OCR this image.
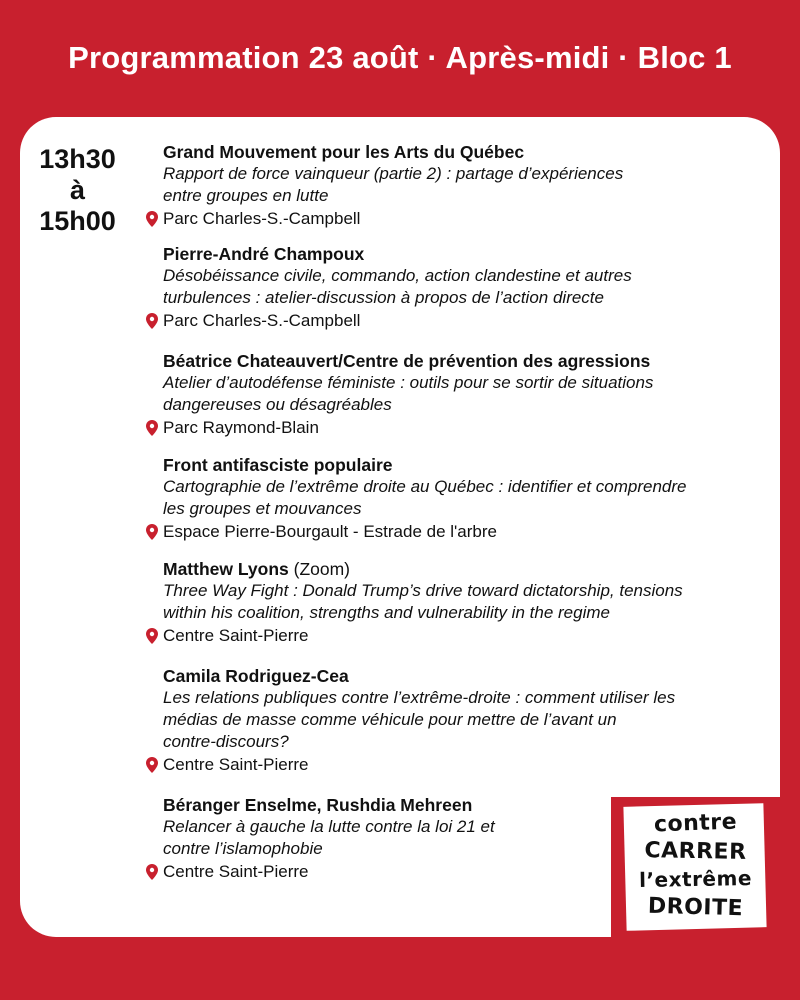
Programmation 23 août · Après-midi · Bloc 1
13h30
à
15h00
Grand Mouvement pour les Arts du Québec
Rapport de force vainqueur (partie 2) : partage d’expériences
entre groupes en lutte
Parc Charles-S.-Campbell
Pierre-André Champoux
Désobéissance civile, commando, action clandestine et autres
turbulences : atelier-discussion à propos de l’action directe
Parc Charles-S.-Campbell
Béatrice Chateauvert/Centre de prévention des agressions
Atelier d’autodéfense féministe : outils pour se sortir de situations
dangereuses ou désagréables
Parc Raymond-Blain
Front antifasciste populaire
Cartographie de l’extrême droite au Québec : identifier et comprendre
les groupes et mouvances
Espace Pierre-Bourgault - Estrade de l'arbre
Matthew Lyons (Zoom)
Three Way Fight : Donald Trump’s drive toward dictatorship, tensions
within his coalition, strengths and vulnerability in the regime
Centre Saint-Pierre
Camila Rodriguez-Cea
Les relations publiques contre l’extrême-droite : comment utiliser les
médias de masse comme véhicule pour mettre de l’avant un
contre-discours?
Centre Saint-Pierre
Béranger Enselme, Rushdia Mehreen
Relancer à gauche la lutte contre la loi 21 et
contre l’islamophobie
Centre Saint-Pierre
contre
CARRER
l’extrême
DROITE
